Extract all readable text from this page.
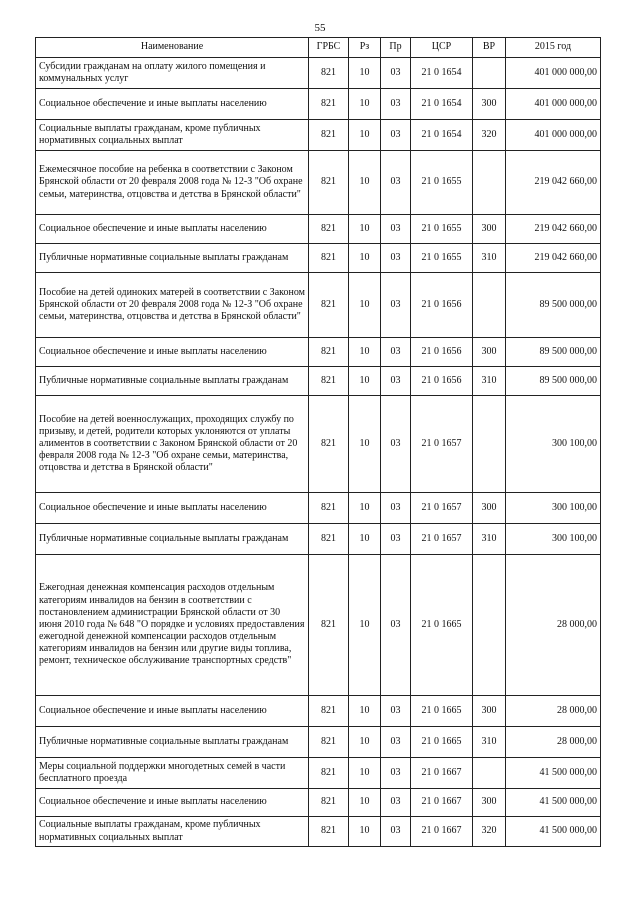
55
Наименование	ГРБС	Рз	Пр	ЦСР	ВР	2015 год
Субсидии гражданам на оплату жилого помещения и коммунальных услуг	821	10	03	21 0 1654		401 000 000,00
Социальное обеспечение и иные выплаты населению	821	10	03	21 0 1654	300	401 000 000,00
Социальные выплаты гражданам, кроме публичных нормативных социальных выплат	821	10	03	21 0 1654	320	401 000 000,00
Ежемесячное пособие на ребенка в соответствии с Законом Брянской области от 20 февраля 2008 года № 12-З "Об охране семьи, материнства, отцовства и детства в Брянской области"	821	10	03	21 0 1655		219 042 660,00
Социальное обеспечение и иные выплаты населению	821	10	03	21 0 1655	300	219 042 660,00
Публичные нормативные социальные выплаты гражданам	821	10	03	21 0 1655	310	219 042 660,00
Пособие на детей одиноких матерей в соответствии с Законом Брянской области от 20 февраля 2008 года № 12-З "Об охране семьи, материнства, отцовства и детства в Брянской области"	821	10	03	21 0 1656		89 500 000,00
Социальное обеспечение и иные выплаты населению	821	10	03	21 0 1656	300	89 500 000,00
Публичные нормативные социальные выплаты гражданам	821	10	03	21 0 1656	310	89 500 000,00
Пособие на детей военнослужащих, проходящих службу по призыву, и детей, родители которых уклоняются от уплаты алиментов в соответствии с Законом Брянской области от 20 февраля 2008 года № 12-З "Об охране семьи, материнства, отцовства и детства в Брянской области"	821	10	03	21 0 1657		300 100,00
Социальное обеспечение и иные выплаты населению	821	10	03	21 0 1657	300	300 100,00
Публичные нормативные социальные выплаты гражданам	821	10	03	21 0 1657	310	300 100,00
Ежегодная денежная компенсация расходов отдельным категориям инвалидов на бензин в соответствии с постановлением администрации Брянской области от 30 июня 2010 года № 648 "О порядке и условиях предоставления ежегодной денежной компенсации расходов отдельным категориям инвалидов на бензин или другие виды топлива, ремонт, техническое обслуживание транспортных средств"	821	10	03	21 0 1665		28 000,00
Социальное обеспечение и иные выплаты населению	821	10	03	21 0 1665	300	28 000,00
Публичные нормативные социальные выплаты гражданам	821	10	03	21 0 1665	310	28 000,00
Меры социальной поддержки многодетных семей в части бесплатного проезда	821	10	03	21 0 1667		41 500 000,00
Социальное обеспечение и иные выплаты населению	821	10	03	21 0 1667	300	41 500 000,00
Социальные выплаты гражданам, кроме публичных нормативных социальных выплат	821	10	03	21 0 1667	320	41 500 000,00
